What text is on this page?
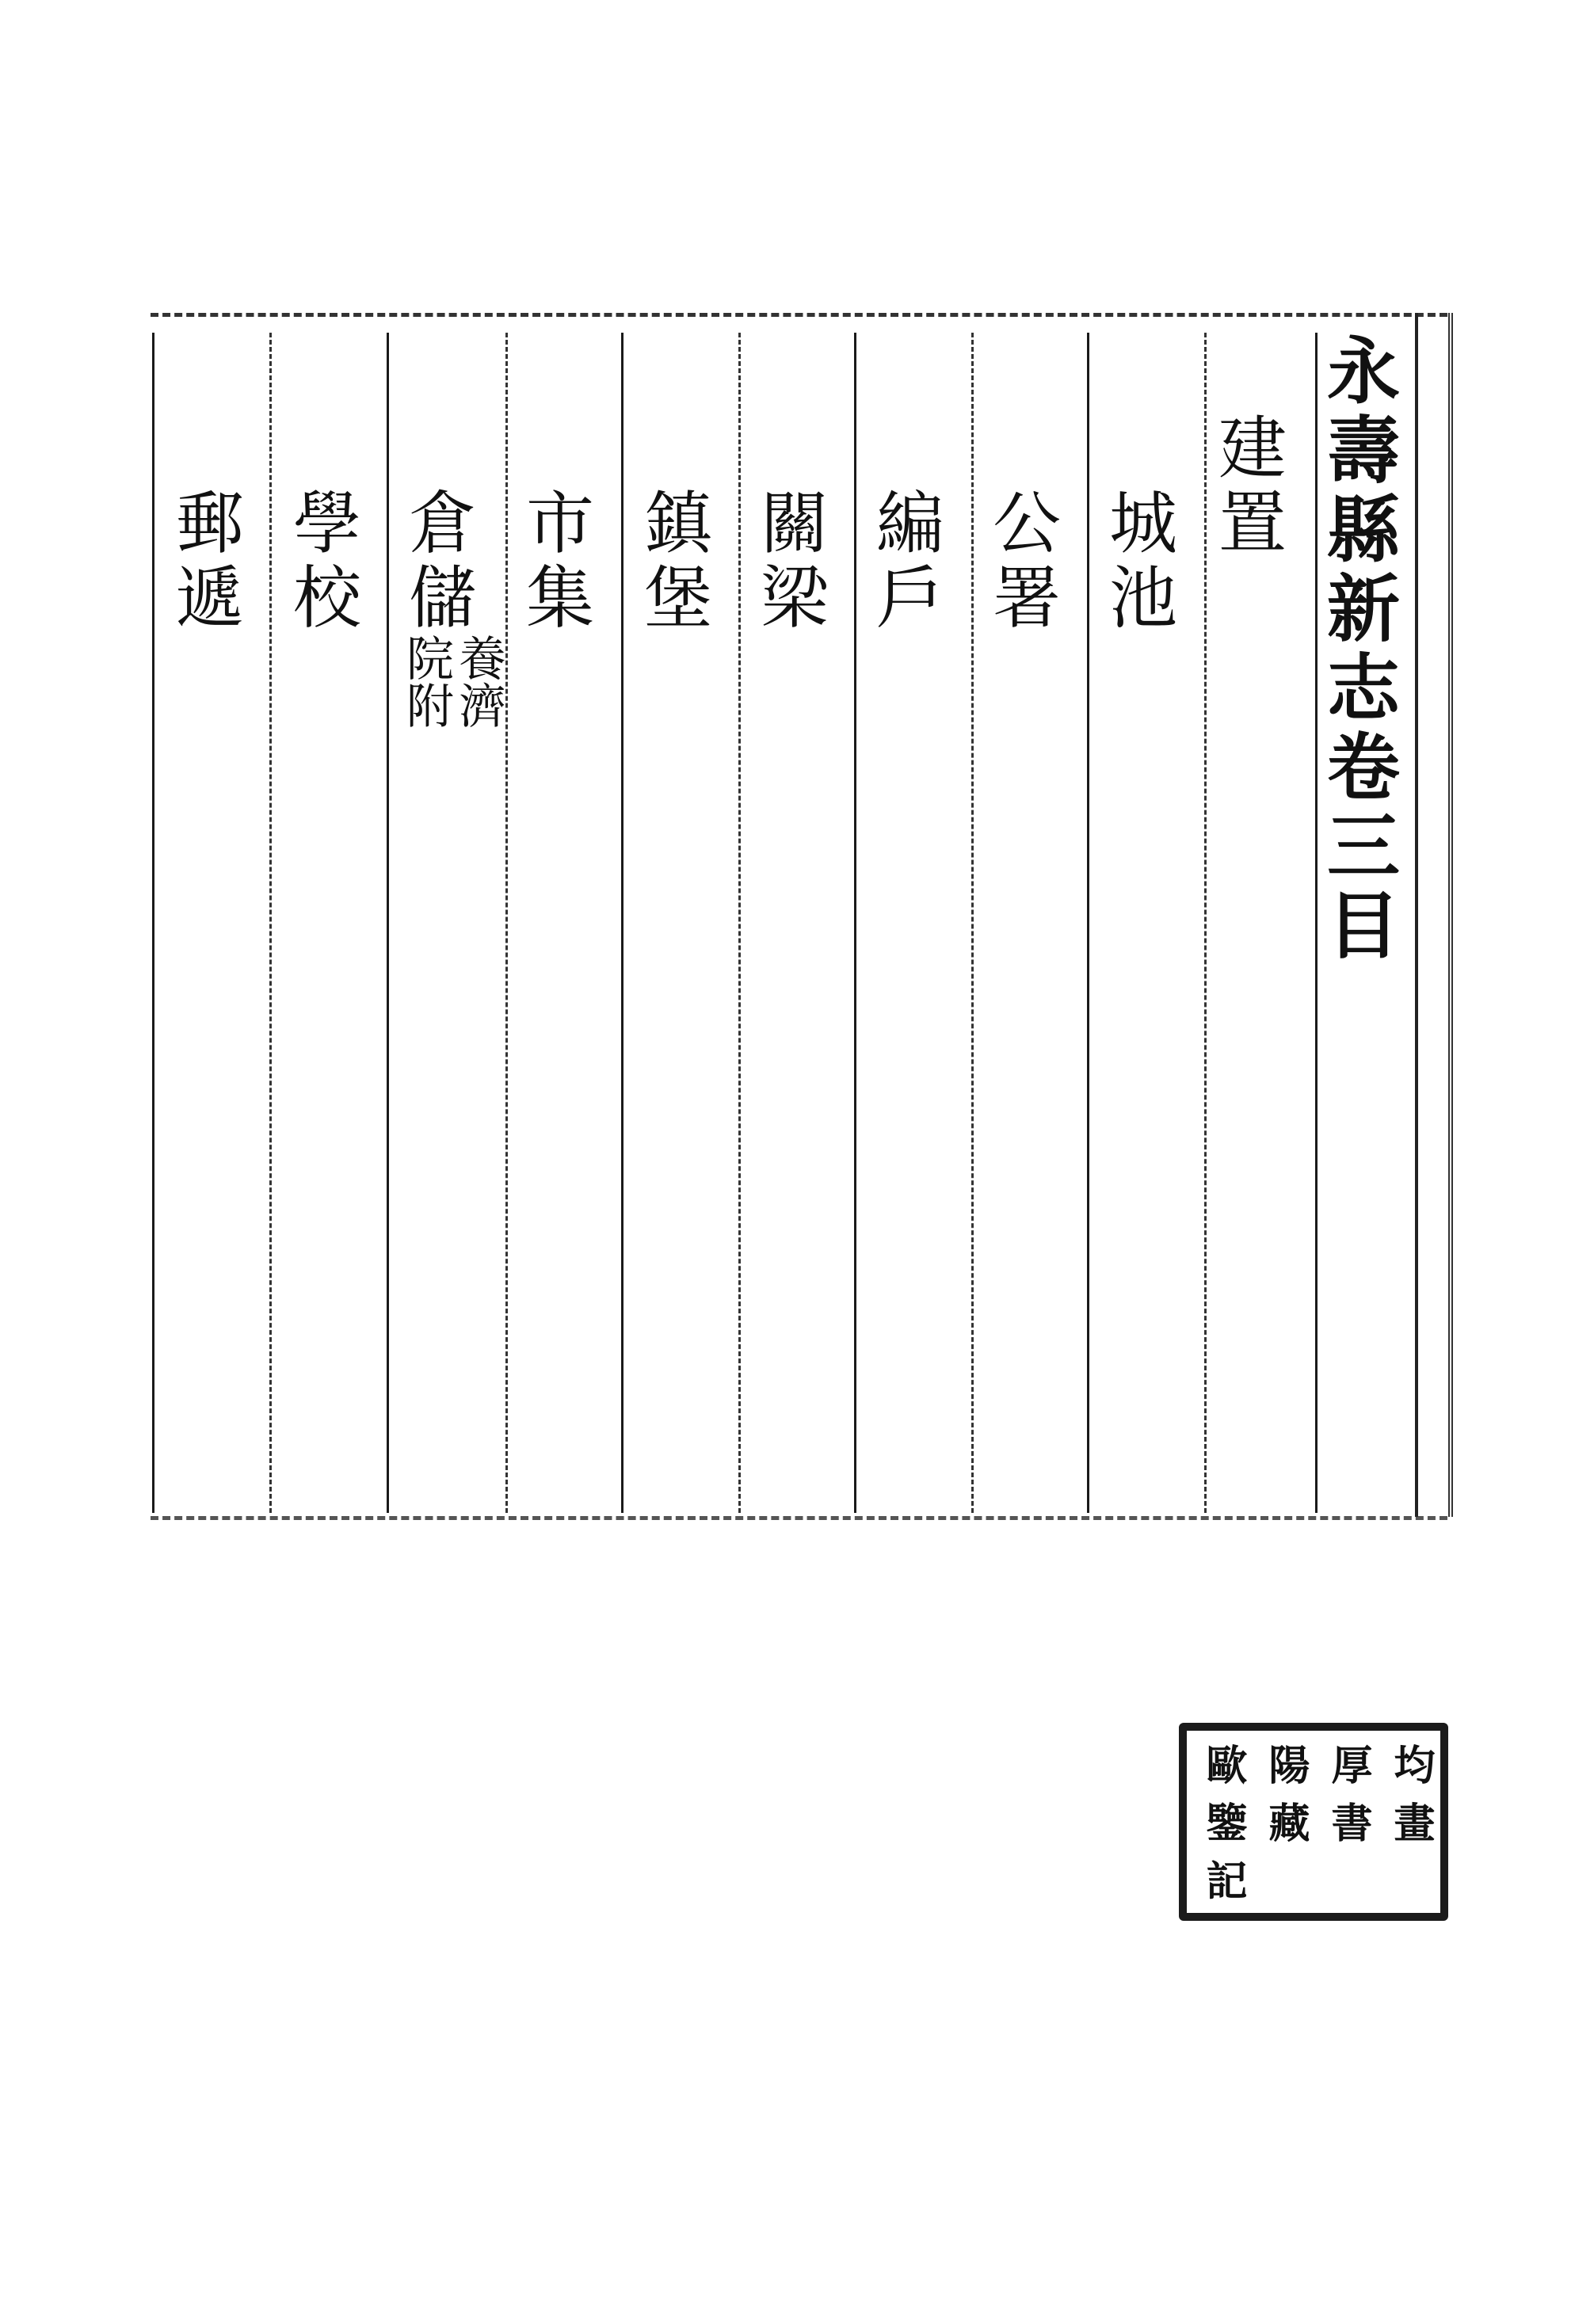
永壽縣新志卷三目
建置
城池
公署
編戶
關梁
鎮堡
市集
倉儲
養濟
院附
學校
郵遞
歐 陽 厚 均
鑒 藏 書 畫
記
